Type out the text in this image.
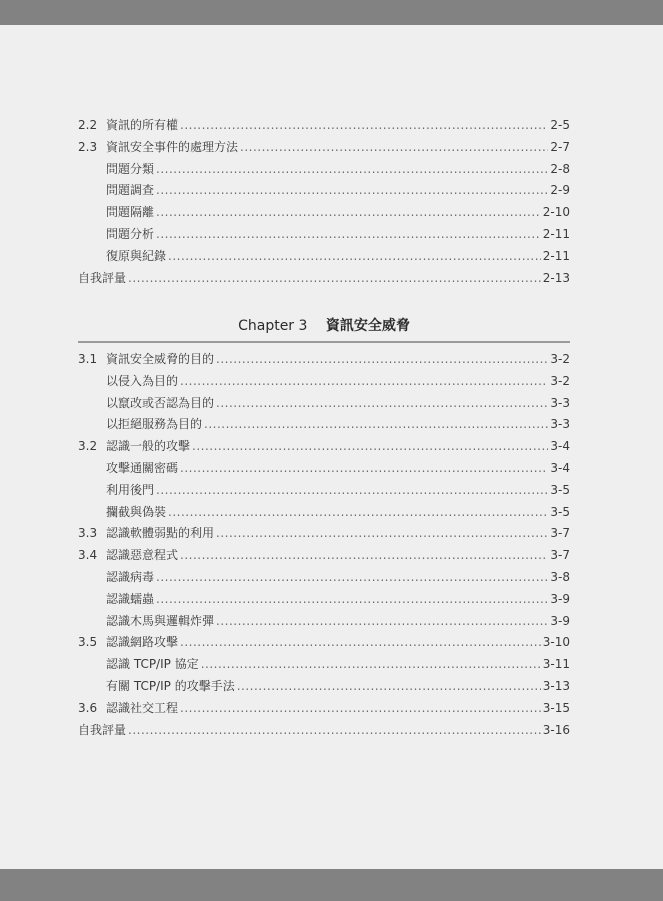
2.2 資訊的所有權 .....	2-5
2.3 資訊安全事件的處理方法 .....	2-7
問題分類 .....	2-8
問題調查 .....	2-9
問題隔離 .....	2-10
問題分析 .....	2-11
復原與紀錄 .....	2-11
自我評量 .....	2-13
Chapter 3 資訊安全威脅
3.1 資訊安全威脅的目的 .....	3-2
以侵入為目的 .....	3-2
以竄改或否認為目的 .....	3-3
以拒絕服務為目的 .....	3-3
3.2 認識一般的攻擊 .....	3-4
攻擊通關密碼 .....	3-4
利用後門 .....	3-5
攔截與偽裝 .....	3-5
3.3 認識軟體弱點的利用 .....	3-7
3.4 認識惡意程式 .....	3-7
認識病毒 .....	3-8
認識蠕蟲 .....	3-9
認識木馬與邏輯炸彈 .....	3-9
3.5 認識網路攻擊 .....	3-10
認識 TCP/IP 協定 .....	3-11
有關 TCP/IP 的攻擊手法 .....	3-13
3.6 認識社交工程 .....	3-15
自我評量 .....	3-16
